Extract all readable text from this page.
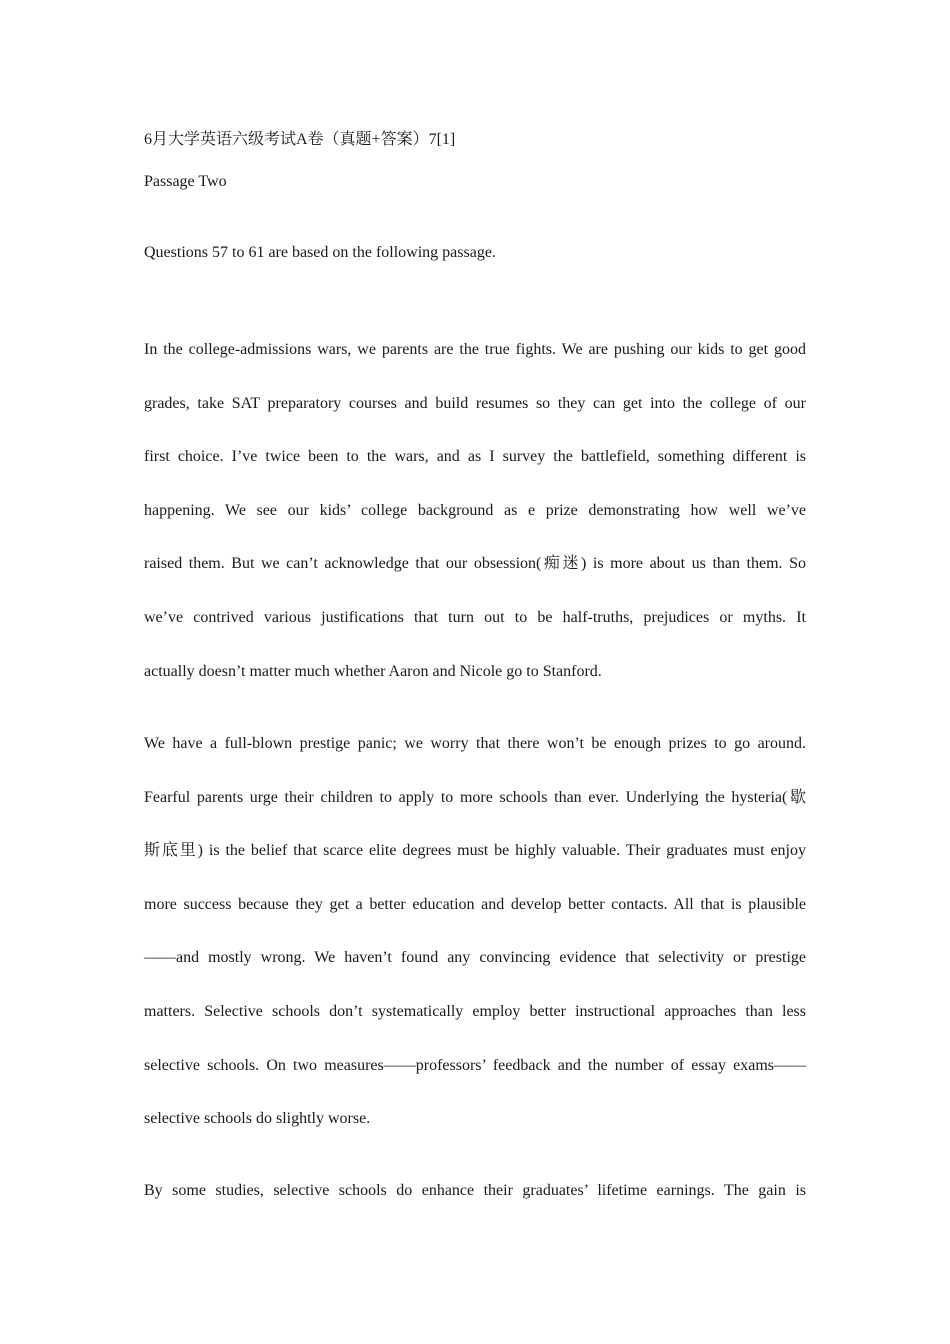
6月大学英语六级考试A卷（真题+答案）7[1]

Passage Two

Questions 57 to 61 are based on the following passage.

In the college-admissions wars, we parents are the true fights. We are pushing our kids to get good
grades, take SAT preparatory courses and build resumes so they can get into the college of our
first choice. I’ve twice been to the wars, and as I survey the battlefield, something different is
happening. We see our kids’ college background as e prize demonstrating how well we’ve
raised them. But we can’t acknowledge that our obsession(痴迷) is more about us than them. So
we’ve contrived various justifications that turn out to be half-truths, prejudices or myths. It
actually doesn’t matter much whether Aaron and Nicole go to Stanford.
We have a full-blown prestige panic; we worry that there won’t be enough prizes to go around.
Fearful parents urge their children to apply to more schools than ever. Underlying the hysteria(歇
斯底里) is the belief that scarce elite degrees must be highly valuable. Their graduates must enjoy
more success because they get a better education and develop better contacts. All that is plausible
——and mostly wrong. We haven’t found any convincing evidence that selectivity or prestige
matters. Selective schools don’t systematically employ better instructional approaches than less
selective schools. On two measures——professors’ feedback and the number of essay exams——
selective schools do slightly worse.
By some studies, selective schools do enhance their graduates’ lifetime earnings. The gain is
